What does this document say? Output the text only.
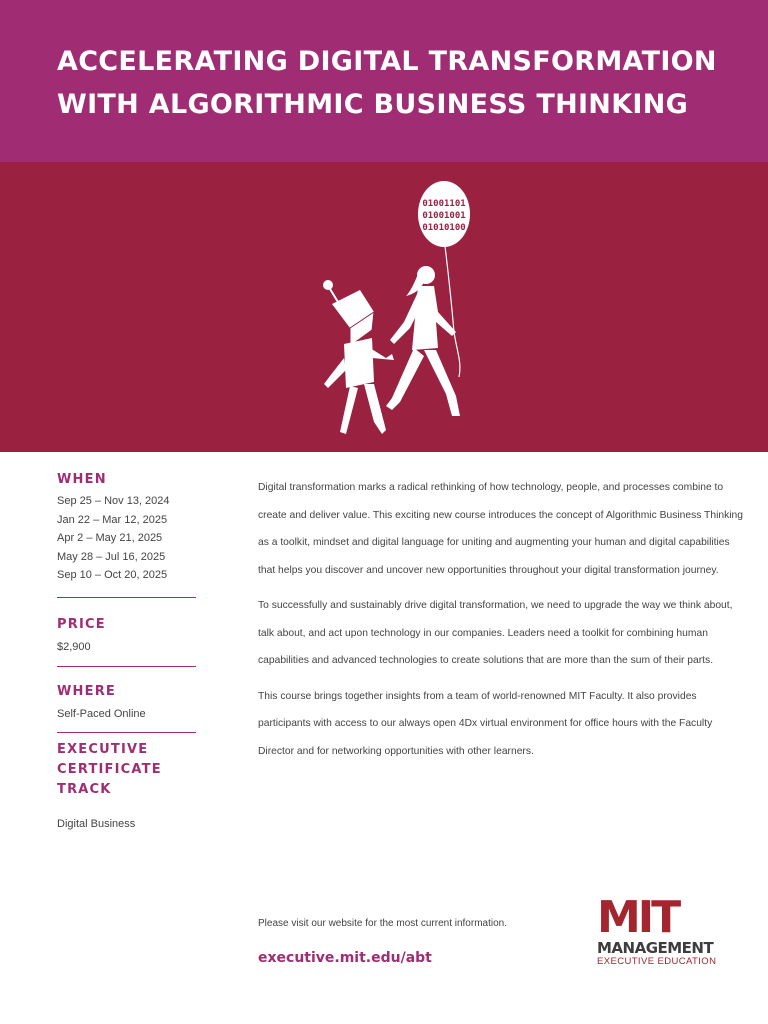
ACCELERATING DIGITAL TRANSFORMATION
WITH ALGORITHMIC BUSINESS THINKING
01001101
01001001
01010100
WHEN
Sep 25 – Nov 13, 2024
Jan 22 – Mar 12, 2025
Apr 2 – May 21, 2025
May 28 – Jul 16, 2025
Sep 10 – Oct 20, 2025
PRICE
$2,900
WHERE
Self-Paced Online
EXECUTIVE
CERTIFICATE
TRACK
Digital Business

Digital transformation marks a radical rethinking of how technology, people, and processes combine to create and deliver value. This exciting new course introduces the concept of Algorithmic Business Thinking as a toolkit, mindset and digital language for uniting and augmenting your human and digital capabilities that helps you discover and uncover new opportunities throughout your digital transformation journey.

To successfully and sustainably drive digital transformation, we need to upgrade the way we think about, talk about, and act upon technology in our companies. Leaders need a toolkit for combining human capabilities and advanced technologies to create solutions that are more than the sum of their parts.

This course brings together insights from a team of world-renowned MIT Faculty. It also provides participants with access to our always open 4Dx virtual environment for office hours with the Faculty Director and for networking opportunities with other learners.

Please visit our website for the most current information.
executive.mit.edu/abt
MIT
MANAGEMENT
EXECUTIVE EDUCATION
